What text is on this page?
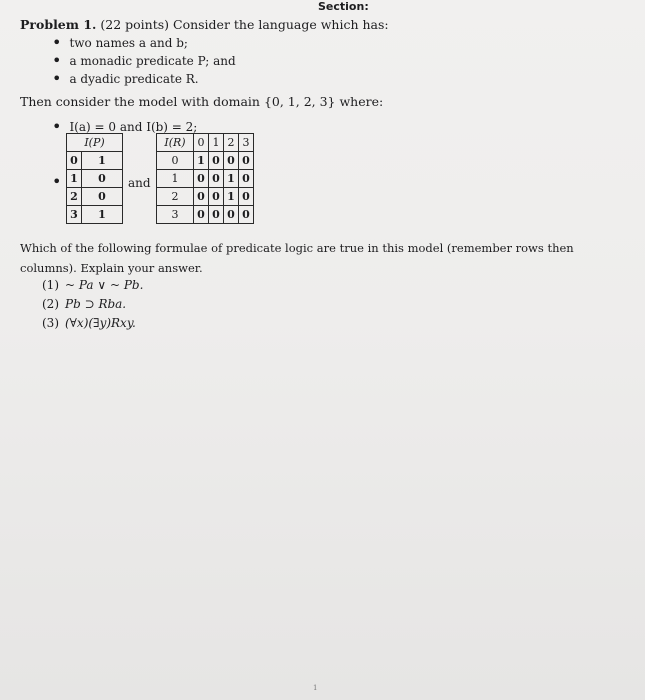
Section:
Problem 1. (22 points) Consider the language which has:
• two names a and b;
• a monadic predicate P; and
• a dyadic predicate R.
Then consider the model with domain {0, 1, 2, 3} where:
• I(a) = 0 and I(b) = 2;
•
I(P)	
0	1
1	0
2	0
3	1
and
I(R)	0	1	2	3
0	1	0	0	0
1	0	0	1	0
2	0	0	1	0
3	0	0	0	0
Which of the following formulae of predicate logic are true in this model (remember rows then columns). Explain your answer.
(1) ~ Pa ∨ ~ Pb.
(2) Pb ⊃ Rba.
(3) (∀x)(∃y)Rxy.
1
